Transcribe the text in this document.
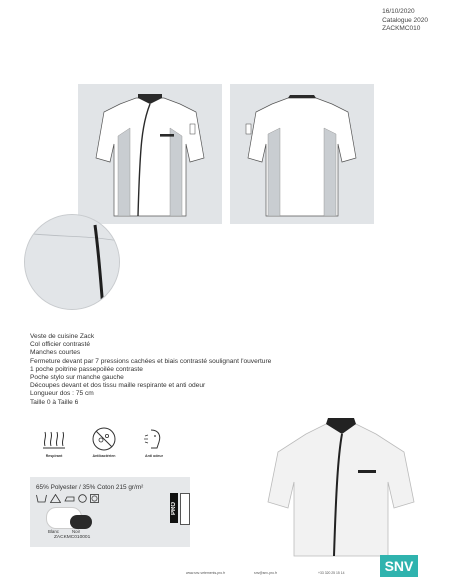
16/10/2020
Catalogue 2020
ZACKMC010
Veste de cuisine Zack
Col officier contrasté
Manches courtes
Fermeture devant par 7 pressions cachées et biais contrasté soulignant l'ouverture
1 poche poitrine passepoilée contraste
Poche stylo sur manche gauche
Découpes devant et dos tissu maille respirante et anti odeur
Longueur dos : 75 cm
Taille 0 à Taille 6
Respirant	Antibactérien	Anti odeur
65% Polyester / 35% Coton 215 gr/m²
PRO
Blanc	Noir
ZACKMC010001
www.snv-vetements-pro.fr	snv@snv-pro.fr	+33 320 25 15 14	SNV
